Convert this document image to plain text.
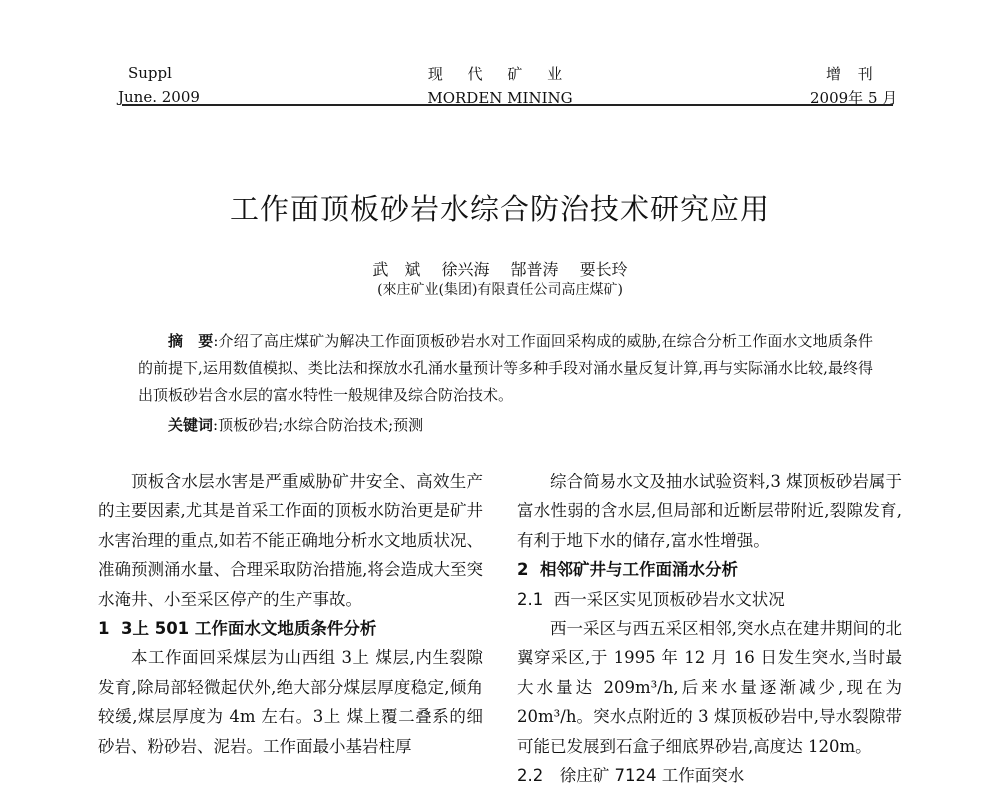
Suppl
June. 2009
现 代 矿 业
MORDEN MINING
增 刊
2009年 5 月
工作面顶板砂岩水综合防治技术研究应用
武　斌 徐兴海 郜普涛 要长玲
(來庄矿业(集团)有限責任公司高庄煤矿)

摘　要:介绍了高庄煤矿为解决工作面顶板砂岩水对工作面回采构成的威胁,在综合分析工作面水文地质条件的前提下,运用数值模拟、类比法和探放水孔涌水量预计等多种手段对涌水量反复计算,再与实际涌水比较,最终得出顶板砂岩含水层的富水特性一般规律及综合防治技术。

关键词:顶板砂岩;水综合防治技术;预测

顶板含水层水害是严重威胁矿井安全、高效生产的主要因素,尤其是首采工作面的顶板水防治更是矿井水害治理的重点,如若不能正确地分析水文地质状况、准确预测涌水量、合理采取防治措施,将会造成大至突水淹井、小至采区停产的生产事故。

1 3上 501 工作面水文地质条件分析

本工作面回采煤层为山西组 3上 煤层,内生裂隙发育,除局部轻微起伏外,绝大部分煤层厚度稳定,倾角较缓,煤层厚度为 4m 左右。3上 煤上覆二叠系的细砂岩、粉砂岩、泥岩。工作面最小基岩柱厚

综合简易水文及抽水试验资料,3 煤顶板砂岩属于富水性弱的含水层,但局部和近断层带附近,裂隙发育,有利于地下水的储存,富水性增强。

2 相邻矿井与工作面涌水分析

2.1 西一采区实见顶板砂岩水文状况

西一采区与西五采区相邻,突水点在建井期间的北翼穿采区,于 1995 年 12 月 16 日发生突水,当时最大水量达 209m³/h,后来水量逐渐减少,现在为 20m³/h。突水点附近的 3 煤顶板砂岩中,导水裂隙带可能已发展到石盒子细底界砂岩,高度达 120m。

2.2　徐庄矿 7124 工作面突水
